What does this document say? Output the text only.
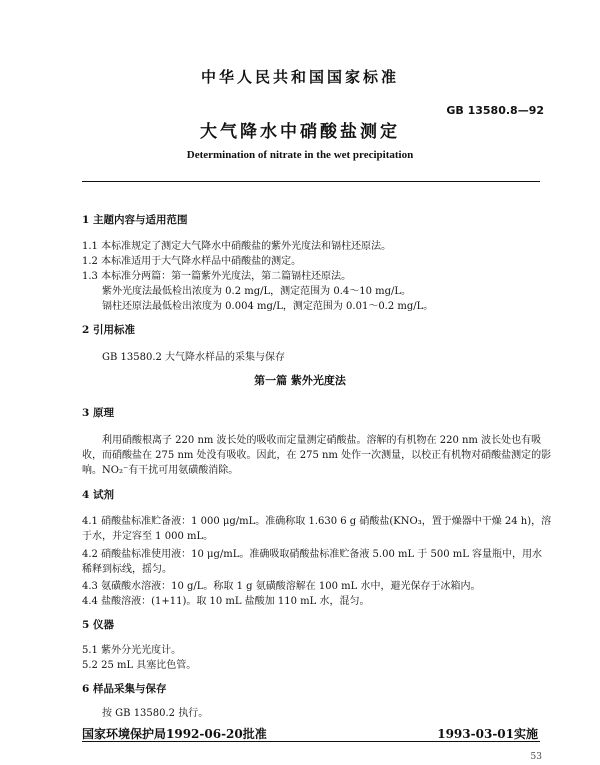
中华人民共和国国家标准
GB 13580.8—92
大气降水中硝酸盐测定
Determination of nitrate in the wet precipitation
1 主题内容与适用范围
1.1 本标准规定了测定大气降水中硝酸盐的紫外光度法和镉柱还原法。
1.2 本标准适用于大气降水样品中硝酸盐的测定。
1.3 本标准分两篇：第一篇紫外光度法，第二篇镉柱还原法。
紫外光度法最低检出浓度为 0.2 mg/L，测定范围为 0.4～10 mg/L。
镉柱还原法最低检出浓度为 0.004 mg/L，测定范围为 0.01～0.2 mg/L。
2 引用标准
GB 13580.2 大气降水样品的采集与保存
第一篇 紫外光度法
3 原理
利用硝酸根离子 220 nm 波长处的吸收而定量测定硝酸盐。溶解的有机物在 220 nm 波长处也有吸
收，而硝酸盐在 275 nm 处没有吸收。因此，在 275 nm 处作一次测量，以校正有机物对硝酸盐测定的影
响。NO₂⁻有干扰可用氨磺酸消除。
4 试剂
4.1 硝酸盐标准贮备液：1 000 μg/mL。准确称取 1.630 6 g 硝酸盐(KNO₃，置于燥器中干燥 24 h)，溶
于水，并定容至 1 000 mL。
4.2 硝酸盐标准使用液：10 μg/mL。准确吸取硝酸盐标准贮备液 5.00 mL 于 500 mL 容量瓶中，用水
稀释到标线，摇匀。
4.3 氨磺酸水溶液：10 g/L。称取 1 g 氨磺酸溶解在 100 mL 水中，避光保存于冰箱内。
4.4 盐酸溶液：(1+11)。取 10 mL 盐酸加 110 mL 水，混匀。
5 仪器
5.1 紫外分光光度计。
5.2 25 mL 具塞比色管。
6 样品采集与保存
按 GB 13580.2 执行。
国家环境保护局1992-06-20批准	1993-03-01实施
53
